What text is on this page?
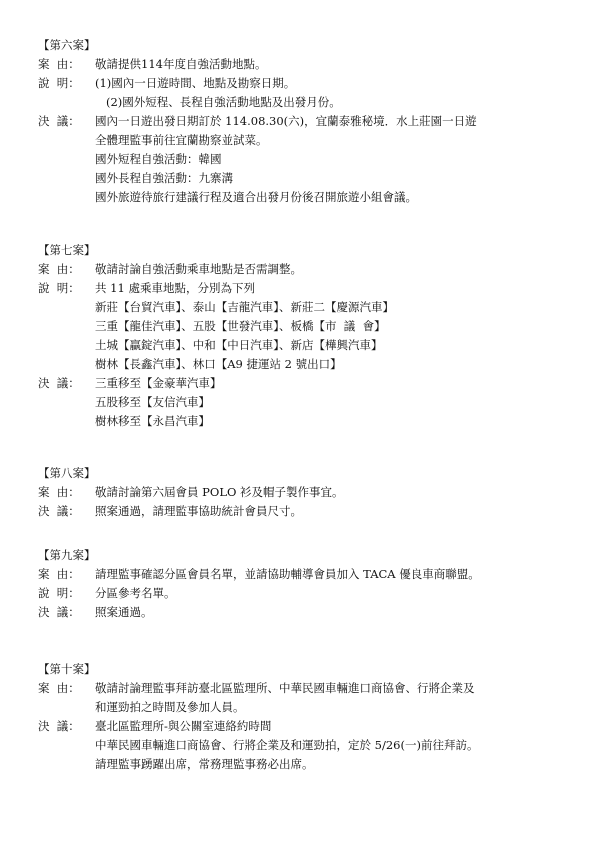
【第六案】
案  由：	敬請提供114年度自強活動地點。
說  明：	(1)國內一日遊時間、地點及勘察日期。
(2)國外短程、長程自強活動地點及出發月份。
決  議：	國內一日遊出發日期訂於 114.08.30(六)，宜蘭泰雅秘境．水上莊園一日遊
全體理監事前往宜蘭勘察並試菜。
國外短程自強活動：韓國
國外長程自強活動：九寨溝
國外旅遊待旅行建議行程及適合出發月份後召開旅遊小組會議。
【第七案】
案  由：	敬請討論自強活動乘車地點是否需調整。
說  明：	共 11 處乘車地點，分別為下列
新莊【台貿汽車】、泰山【吉龍汽車】、新莊二【慶源汽車】
三重【龍佳汽車】、五股【世發汽車】、板橋【市  議  會】
土城【贏錠汽車】、中和【中日汽車】、新店【樺興汽車】
樹林【長鑫汽車】、林口【A9 捷運站 2 號出口】
決  議：	三重移至【金豪華汽車】
五股移至【友信汽車】
樹林移至【永昌汽車】
【第八案】
案  由：	敬請討論第六屆會員 POLO 衫及帽子製作事宜。
決  議：	照案通過，請理監事協助統計會員尺寸。
【第九案】
案  由：	請理監事確認分區會員名單，並請協助輔導會員加入 TACA 優良車商聯盟。
說  明：	分區參考名單。
決  議：	照案通過。
【第十案】
案  由：	敬請討論理監事拜訪臺北區監理所、中華民國車輛進口商協會、行將企業及
和運勁拍之時間及參加人員。
決  議：	臺北區監理所-與公關室連絡約時間
中華民國車輛進口商協會、行將企業及和運勁拍，定於 5/26(一)前往拜訪。
請理監事踴躍出席，常務理監事務必出席。
